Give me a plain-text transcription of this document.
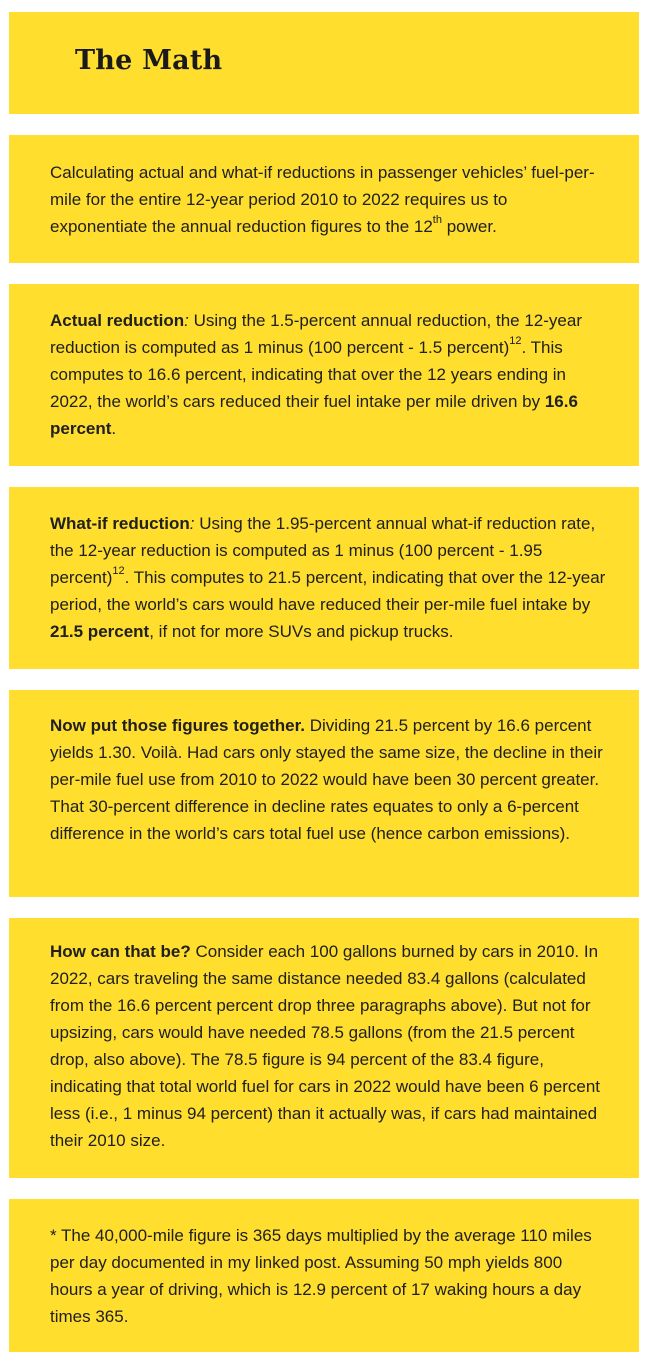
The Math

Calculating actual and what-if reductions in passenger vehicles’ fuel-per-mile for the entire 12-year period 2010 to 2022 requires us to exponentiate the annual reduction figures to the 12th power.

Actual reduction: Using the 1.5-percent annual reduction, the 12-year reduction is computed as 1 minus (100 percent - 1.5 percent)$^{12}$. This computes to 16.6 percent, indicating that over the 12 years ending in 2022, the world’s cars reduced their fuel intake per mile driven by 16.6 percent.

What-if reduction: Using the 1.95-percent annual what-if reduction rate, the 12-year reduction is computed as 1 minus (100 percent - 1.95 percent)$^{12}$. This computes to 21.5 percent, indicating that over the 12-year period, the world’s cars would have reduced their per-mile fuel intake by 21.5 percent, if not for more SUVs and pickup trucks.

Now put those figures together. Dividing 21.5 percent by 16.6 percent yields 1.30. Voilà. Had cars only stayed the same size, the decline in their per-mile fuel use from 2010 to 2022 would have been 30 percent greater. That 30-percent difference in decline rates equates to only a 6-percent difference in the world’s cars total fuel use (hence carbon emissions).

How can that be? Consider each 100 gallons burned by cars in 2010. In 2022, cars traveling the same distance needed 83.4 gallons (calculated from the 16.6 percent percent drop three paragraphs above). But not for upsizing, cars would have needed 78.5 gallons (from the 21.5 percent drop, also above). The 78.5 figure is 94 percent of the 83.4 figure, indicating that total world fuel for cars in 2022 would have been 6 percent less (i.e., 1 minus 94 percent) than it actually was, if cars had maintained their 2010 size.

* The 40,000-mile figure is 365 days multiplied by the average 110 miles per day documented in my linked post. Assuming 50 mph yields 800 hours a year of driving, which is 12.9 percent of 17 waking hours a day times 365.
